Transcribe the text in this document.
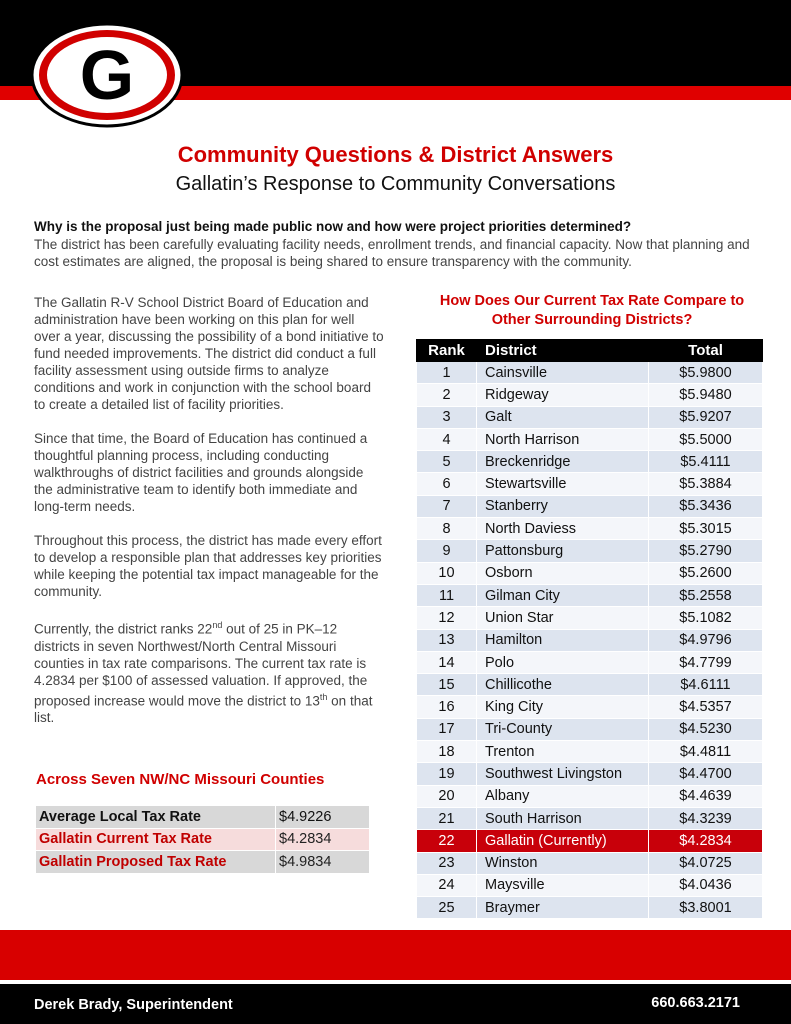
G
Community Questions & District Answers
Gallatin’s Response to Community Conversations
Why is the proposal just being made public now and how were project priorities determined?
The district has been carefully evaluating facility needs, enrollment trends, and financial capacity. Now that planning and cost estimates are aligned, the proposal is being shared to ensure transparency with the community.

The Gallatin R-V School District Board of Education and administration have been working on this plan for well over a year, discussing the possibility of a bond initiative to fund needed improvements. The district did conduct a full facility assessment using outside firms to analyze conditions and work in conjunction with the school board to create a detailed list of facility priorities.

Since that time, the Board of Education has continued a thoughtful planning process, including conducting walkthroughs of district facilities and grounds alongside the administrative team to identify both immediate and long-term needs.

Throughout this process, the district has made every effort to develop a responsible plan that addresses key priorities while keeping the potential tax impact manageable for the community.

Currently, the district ranks 22nd out of 25 in PK–12 districts in seven Northwest/North Central Missouri counties in tax rate comparisons. The current tax rate is 4.2834 per $100 of assessed valuation. If approved, the proposed increase would move the district to 13th on that list.

Across Seven NW/NC Missouri Counties
Average Local Tax Rate	$4.9226
Gallatin Current Tax Rate	$4.2834
Gallatin Proposed Tax Rate	$4.9834
How Does Our Current Tax Rate Compare to
Other Surrounding Districts?
Rank	District	Total
1	Cainsville	$5.9800
2	Ridgeway	$5.9480
3	Galt	$5.9207
4	North Harrison	$5.5000
5	Breckenridge	$5.4111
6	Stewartsville	$5.3884
7	Stanberry	$5.3436
8	North Daviess	$5.3015
9	Pattonsburg	$5.2790
10	Osborn	$5.2600
11	Gilman City	$5.2558
12	Union Star	$5.1082
13	Hamilton	$4.9796
14	Polo	$4.7799
15	Chillicothe	$4.6111
16	King City	$4.5357
17	Tri-County	$4.5230
18	Trenton	$4.4811
19	Southwest Livingston	$4.4700
20	Albany	$4.4639
21	South Harrison	$4.3239
22	Gallatin (Currently)	$4.2834
23	Winston	$4.0725
24	Maysville	$4.0436
25	Braymer	$3.8001
Derek Brady, Superintendent	660.663.2171
